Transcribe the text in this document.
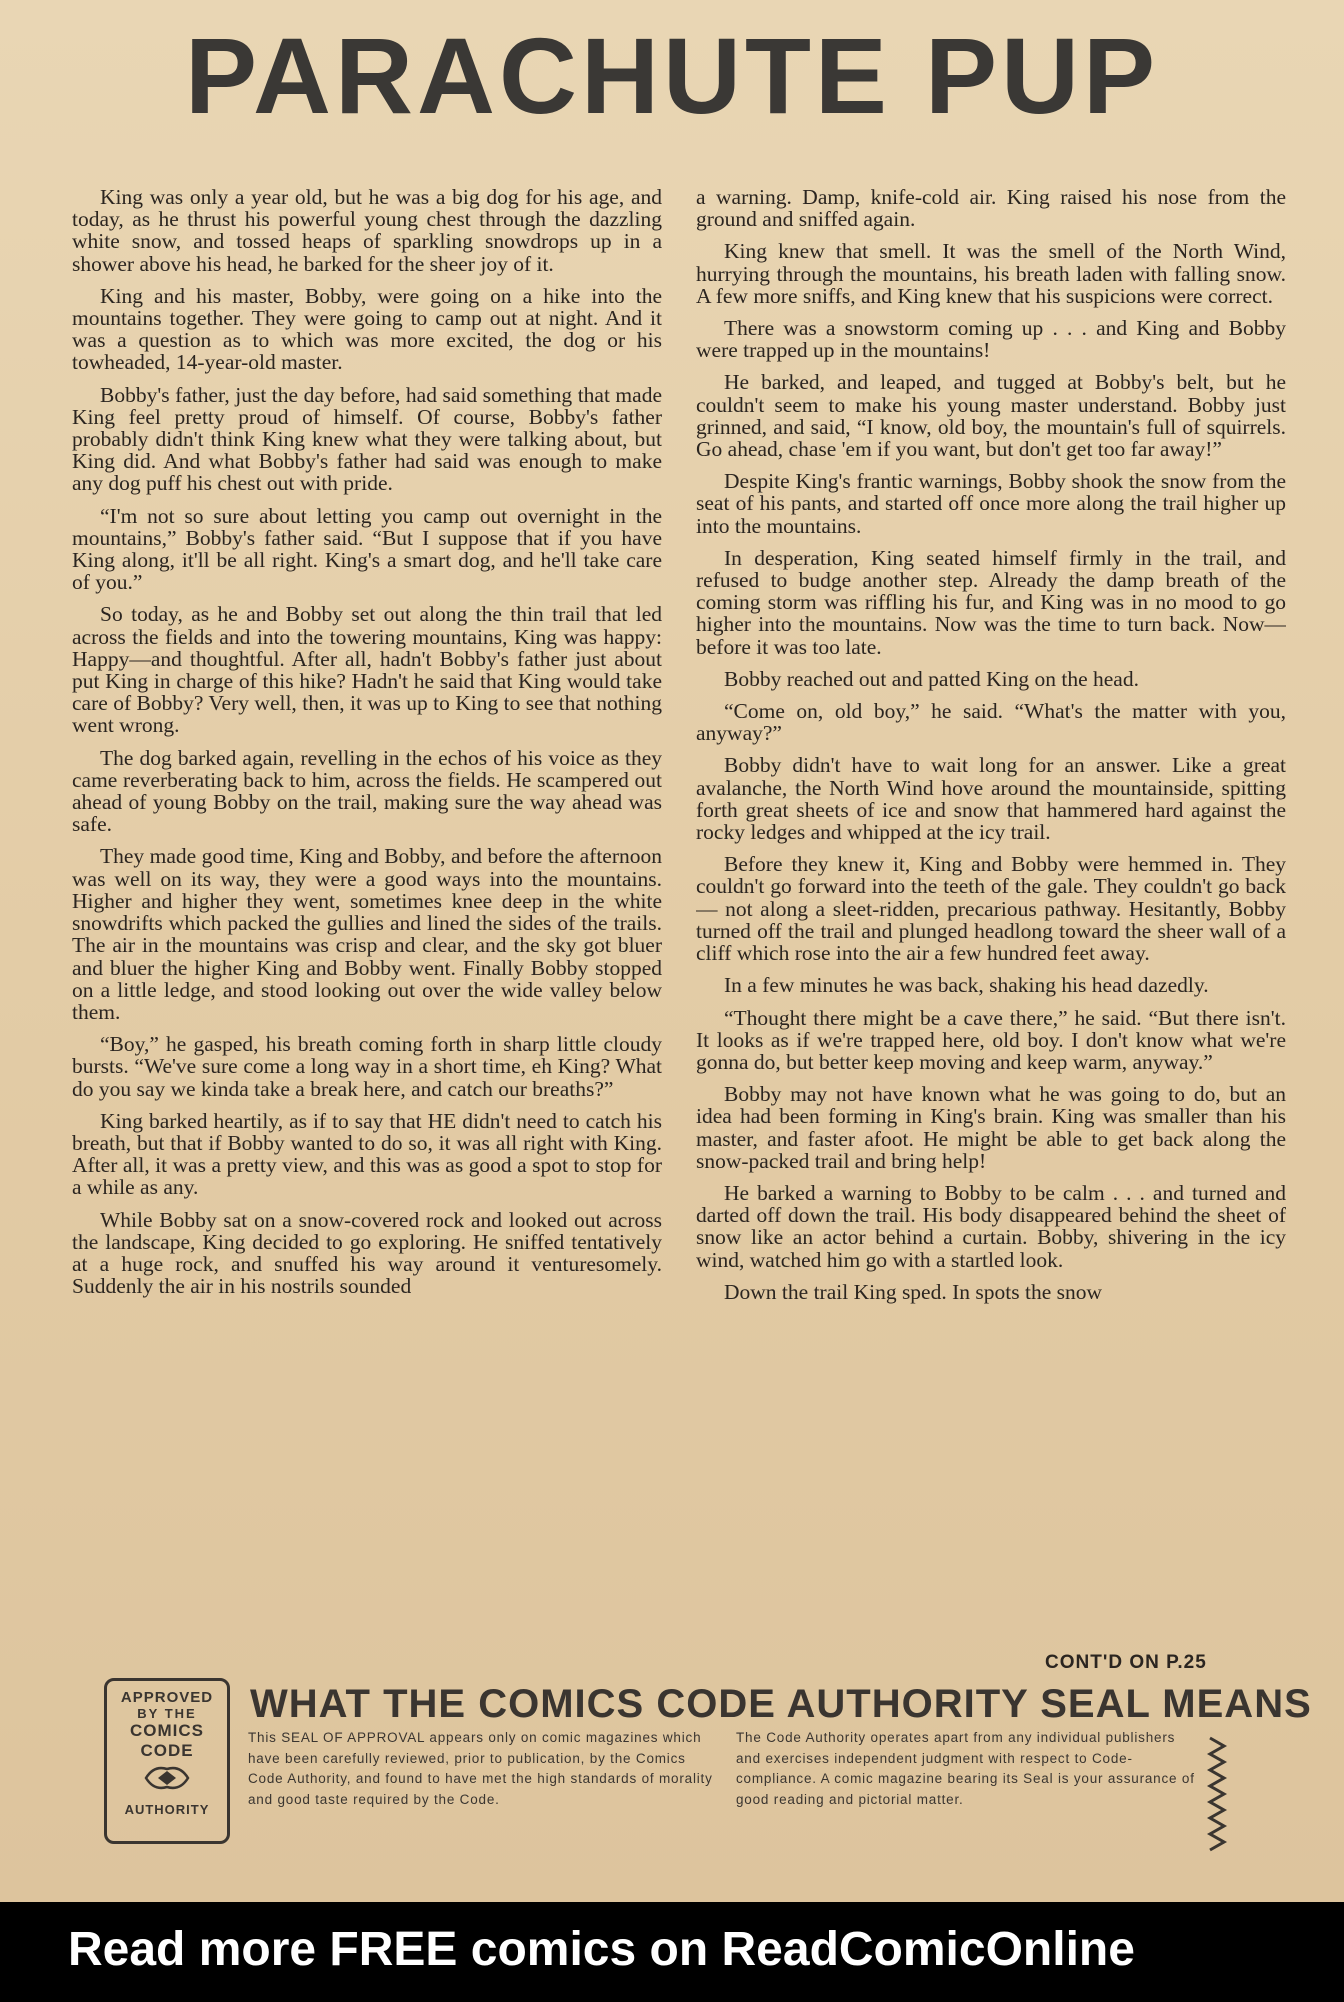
PARACHUTE PUP

King was only a year old, but he was a big dog for his age, and today, as he thrust his powerful young chest through the dazzling white snow, and tossed heaps of sparkling snowdrops up in a shower above his head, he barked for the sheer joy of it.

King and his master, Bobby, were going on a hike into the mountains together. They were going to camp out at night. And it was a question as to which was more excited, the dog or his towheaded, 14-year-old master.

Bobby's father, just the day before, had said something that made King feel pretty proud of himself. Of course, Bobby's father probably didn't think King knew what they were talking about, but King did. And what Bobby's father had said was enough to make any dog puff his chest out with pride.

“I'm not so sure about letting you camp out overnight in the mountains,” Bobby's father said. “But I suppose that if you have King along, it'll be all right. King's a smart dog, and he'll take care of you.”

So today, as he and Bobby set out along the thin trail that led across the fields and into the towering mountains, King was happy: Happy—and thoughtful. After all, hadn't Bobby's father just about put King in charge of this hike? Hadn't he said that King would take care of Bobby? Very well, then, it was up to King to see that nothing went wrong.

The dog barked again, revelling in the echos of his voice as they came reverberating back to him, across the fields. He scampered out ahead of young Bobby on the trail, making sure the way ahead was safe.

They made good time, King and Bobby, and before the afternoon was well on its way, they were a good ways into the mountains. Higher and higher they went, sometimes knee deep in the white snowdrifts which packed the gullies and lined the sides of the trails. The air in the mountains was crisp and clear, and the sky got bluer and bluer the higher King and Bobby went. Finally Bobby stopped on a little ledge, and stood looking out over the wide valley below them.

“Boy,” he gasped, his breath coming forth in sharp little cloudy bursts. “We've sure come a long way in a short time, eh King? What do you say we kinda take a break here, and catch our breaths?”

King barked heartily, as if to say that HE didn't need to catch his breath, but that if Bobby wanted to do so, it was all right with King. After all, it was a pretty view, and this was as good a spot to stop for a while as any.

While Bobby sat on a snow-covered rock and looked out across the landscape, King decided to go exploring. He sniffed tentatively at a huge rock, and snuffed his way around it venturesomely. Suddenly the air in his nostrils sounded

a warning. Damp, knife-cold air. King raised his nose from the ground and sniffed again.

King knew that smell. It was the smell of the North Wind, hurrying through the mountains, his breath laden with falling snow. A few more sniffs, and King knew that his suspicions were correct.

There was a snowstorm coming up . . . and King and Bobby were trapped up in the mountains!

He barked, and leaped, and tugged at Bobby's belt, but he couldn't seem to make his young master understand. Bobby just grinned, and said, “I know, old boy, the mountain's full of squirrels. Go ahead, chase 'em if you want, but don't get too far away!”

Despite King's frantic warnings, Bobby shook the snow from the seat of his pants, and started off once more along the trail higher up into the mountains.

In desperation, King seated himself firmly in the trail, and refused to budge another step. Already the damp breath of the coming storm was riffling his fur, and King was in no mood to go higher into the mountains. Now was the time to turn back. Now—before it was too late.

Bobby reached out and patted King on the head.

“Come on, old boy,” he said. “What's the matter with you, anyway?”

Bobby didn't have to wait long for an answer. Like a great avalanche, the North Wind hove around the mountainside, spitting forth great sheets of ice and snow that hammered hard against the rocky ledges and whipped at the icy trail.

Before they knew it, King and Bobby were hemmed in. They couldn't go forward into the teeth of the gale. They couldn't go back — not along a sleet-ridden, precarious pathway. Hesitantly, Bobby turned off the trail and plunged headlong toward the sheer wall of a cliff which rose into the air a few hundred feet away.

In a few minutes he was back, shaking his head dazedly.

“Thought there might be a cave there,” he said. “But there isn't. It looks as if we're trapped here, old boy. I don't know what we're gonna do, but better keep moving and keep warm, anyway.”

Bobby may not have known what he was going to do, but an idea had been forming in King's brain. King was smaller than his master, and faster afoot. He might be able to get back along the snow-packed trail and bring help!

He barked a warning to Bobby to be calm . . . and turned and darted off down the trail. His body disappeared behind the sheet of snow like an actor behind a curtain. Bobby, shivering in the icy wind, watched him go with a startled look.

Down the trail King sped. In spots the snow

CONT'D ON P.25
APPROVED
BY THE
COMICS
CODE
AUTHORITY
WHAT THE COMICS CODE AUTHORITY SEAL MEANS
This SEAL OF APPROVAL appears only on comic magazines which have been carefully reviewed, prior to publication, by the Comics Code Authority, and found to have met the high standards of morality and good taste required by the Code.
The Code Authority operates apart from any individual publishers and exercises independent judgment with respect to Code-compliance. A comic magazine bearing its Seal is your assurance of good reading and pictorial matter.
Read more FREE comics on ReadComicOnline
